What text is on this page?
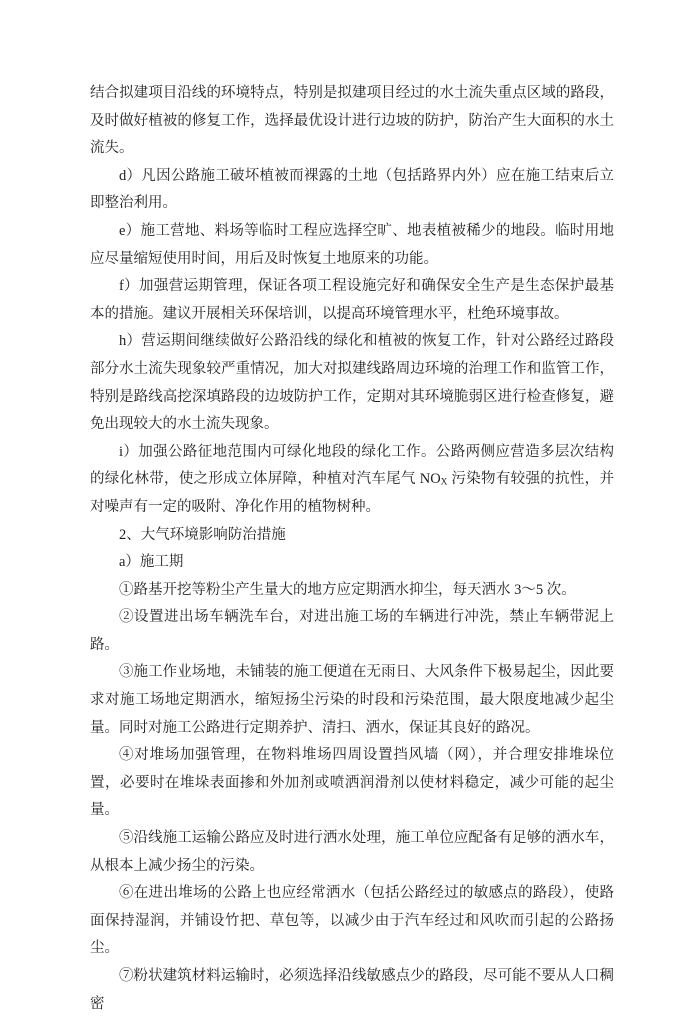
结合拟建项目沿线的环境特点，特别是拟建项目经过的水土流失重点区域的路段，及时做好植被的修复工作，选择最优设计进行边坡的防护，防治产生大面积的水土流失。

d）凡因公路施工破坏植被而裸露的土地（包括路界内外）应在施工结束后立即整治利用。

e）施工营地、料场等临时工程应选择空旷、地表植被稀少的地段。临时用地应尽量缩短使用时间，用后及时恢复土地原来的功能。

f）加强营运期管理，保证各项工程设施完好和确保安全生产是生态保护最基本的措施。建议开展相关环保培训，以提高环境管理水平，杜绝环境事故。

h）营运期间继续做好公路沿线的绿化和植被的恢复工作，针对公路经过路段部分水土流失现象较严重情况，加大对拟建线路周边环境的治理工作和监管工作，特别是路线高挖深填路段的边坡防护工作，定期对其环境脆弱区进行检查修复，避免出现较大的水土流失现象。

i）加强公路征地范围内可绿化地段的绿化工作。公路两侧应营造多层次结构的绿化林带，使之形成立体屏障，种植对汽车尾气 $NO_X$ 污染物有较强的抗性，并对噪声有一定的吸附、净化作用的植物树种。

2、大气环境影响防治措施

a）施工期

①路基开挖等粉尘产生量大的地方应定期洒水抑尘，每天洒水 3～5 次。

②设置进出场车辆洗车台，对进出施工场的车辆进行冲洗，禁止车辆带泥上路。

③施工作业场地，未铺装的施工便道在无雨日、大风条件下极易起尘，因此要求对施工场地定期洒水，缩短扬尘污染的时段和污染范围，最大限度地减少起尘量。同时对施工公路进行定期养护、清扫、洒水，保证其良好的路况。

④对堆场加强管理，在物料堆场四周设置挡风墙（网），并合理安排堆垛位置，必要时在堆垛表面掺和外加剂或喷洒润滑剂以使材料稳定，减少可能的起尘量。

⑤沿线施工运输公路应及时进行洒水处理，施工单位应配备有足够的洒水车，从根本上减少扬尘的污染。

⑥在进出堆场的公路上也应经常洒水（包括公路经过的敏感点的路段），使路面保持湿润，并铺设竹把、草包等，以减少由于汽车经过和风吹而引起的公路扬尘。

⑦粉状建筑材料运输时，必须选择沿线敏感点少的路段，尽可能不要从人口稠密
